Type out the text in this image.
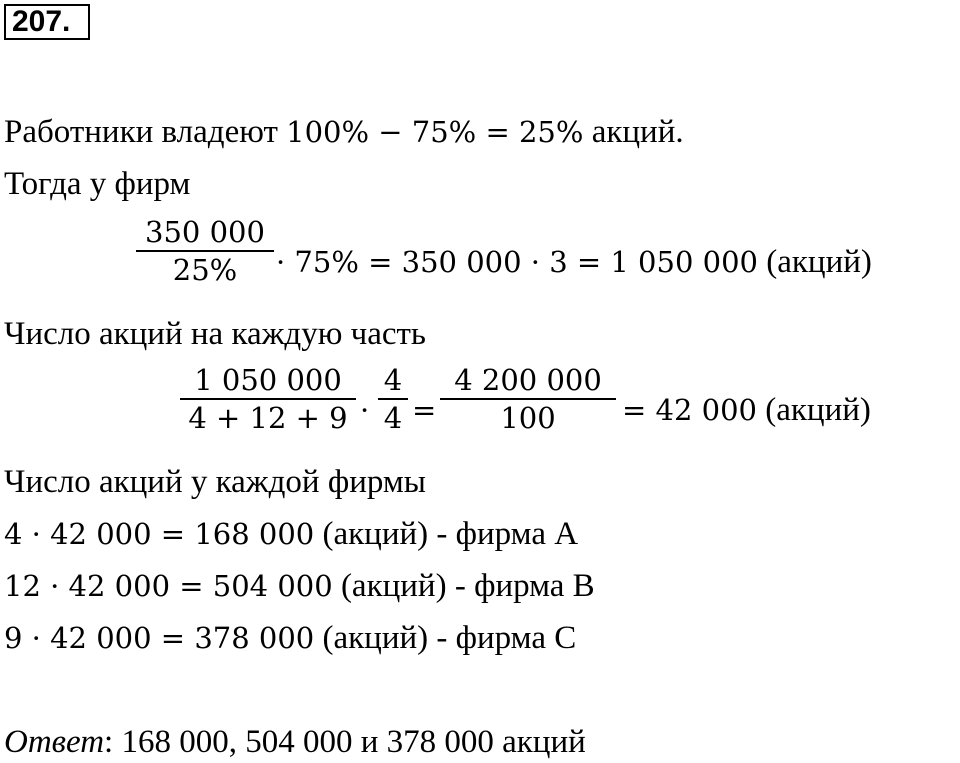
207.
Работники владеют 100% − 75% = 25% акций.
Тогда у фирм
350 000
25% · 75% = 350 000 · 3 = 1 050 000 (акций)
Число акций на каждую часть
1 050 000
4 + 12 + 9 ·
4
4 =
4 200 000
100 = 42 000 (акций)
Число акций у каждой фирмы
4 · 42 000 = 168 000 (акций) - фирма А
12 · 42 000 = 504 000 (акций) - фирма В
9 · 42 000 = 378 000 (акций) - фирма С
Ответ: 168 000, 504 000 и 378 000 акций
